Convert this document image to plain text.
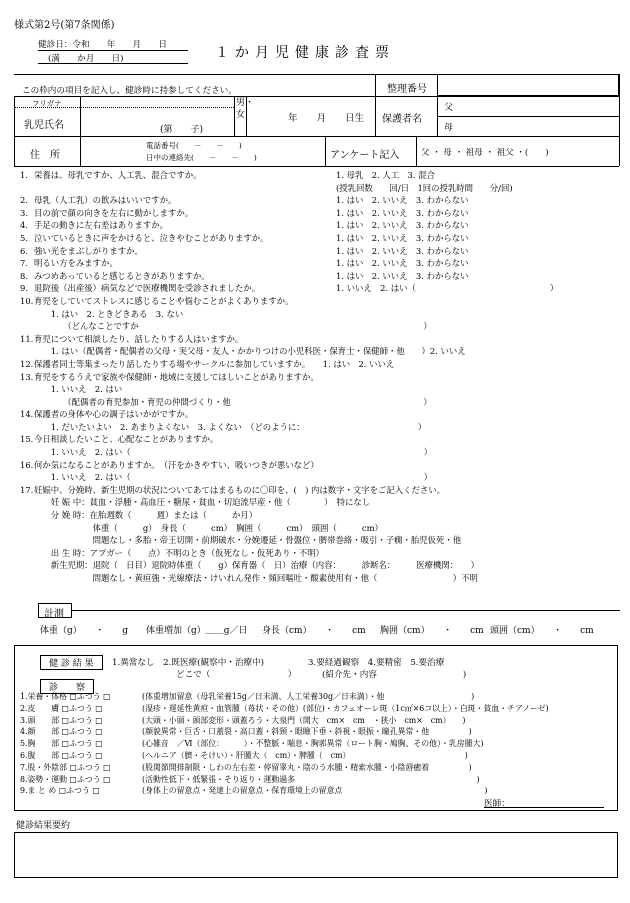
様式第2号(第7条関係)
健診日：令和　　年　　月　　日
(満　　か月　　日)	１か月児健康診査票
この枠内の項目を記入し、健診時に持参してください。	整理番号
フリガナ
乳児氏名	(第　　子)
男・女	年　　月　　日生 保護者名
父
母
住　所
電話番号(　　－　　－　　)
日中の連絡先(　　－　　－　　)	アンケート記入	父 ・ 母 ・ 祖母 ・ 祖父 ・(　　)
1. 栄養は、母乳ですか、人工乳、混合ですか。	1. 母乳　2. 人工　3. 混合
(授乳回数　　回/日　1回の授乳時間　　分/回)
2. 母乳（人工乳）の飲みはいいですか。	1. はい　2. いいえ　3. わからない
3. 目の前で顔の向きを左右に動かしますか。	1. はい　2. いいえ　3. わからない
4. 手足の動きに左右差はありますか。	1. はい　2. いいえ　3. わからない
5. 泣いているときに声をかけると、泣きやむことがありますか。	1. はい　2. いいえ　3. わからない
6. 強い光をまぶしがりますか。	1. はい　2. いいえ　3. わからない
7. 明るい方をみますか。	1. はい　2. いいえ　3. わからない
8. みつめあっていると感じるときがありますか。	1. はい　2. いいえ　3. わからない
9. 退院後（出産後）病気などで医療機関を受診されましたか。	1. いいえ　2. はい（　　　　　　　　　　　　　　　　）
10. 育児をしていてストレスに感じることや悩むことがよくありますか。
　　1. はい　2. ときどきある　3. ない
　　　　（どんなことですか　　　　　　　　　　　　　　　　　　　　　　　　　　　　　　　　　　）
11. 育児について相談したり、話したりする人はいますか。
　　1. はい（配偶者・配偶者の父母・実父母・友人・かかりつけの小児科医・保育士・保健師・他　　）2. いいえ
12. 保護者同士等集まったり話したりする場やサークルに参加していますか。　　1. はい　2. いいえ
13. 育児をするうえで家族や保健師・地域に支援してほしいことがありますか。
　　1. いいえ　2. はい
　　　　（配偶者の育児参加・育児の仲間づくり・他　　　　　　　　　　　　　　　　　　　　　　　）
14. 保護者の身体や心の調子はいかがですか。
　　1. だいたいよい　2. あまりよくない　3. よくない　（どのように：　　　　　　　　　　　　　　）
15. 今日相談したいこと、心配なことがありますか。
　　1. いいえ　2. はい（　　　　　　　　　　　　　　　　　　　　　　　　　　　　　　　　　　　）
16. 何か気になることがありますか。　（汗をかきやすい、吸いつきが悪いなど）
　　1. いいえ　2. はい（　　　　　　　　　　　　　　　　　　　　　　　　　　　　　　　　　　　）
17. 妊娠中、分娩時、新生児期の状況についてあてはまるものに〇印を、(　) 内は数字・文字をご記入ください。
　　妊 娠 中：貧血・浮腫・高血圧・糖尿・貧血・切迫流早産・他（　　　　）　特になし
　　分 娩 時：在胎週数（　　　週）または（　　　か月）
　　　　　　　体重（　　　g）　身長（　　　cm）　胸囲（　　　cm）　頭囲（　　　cm）
　　　　　　　問題なし・多胎・帝王切開・前期破水・分娩遷延・骨盤位・臍帯巻絡・吸引・子癇・胎児仮死・他
　　出 生 時：アプガー（　　点）不明のとき（仮死なし・仮死あり・不明）
　　新生児期：退院（　日目）退院時体重（　　g）保育器（　日）治療（内容：　　　診断名：　　　医療機関：　　）
　　　　　　　問題なし・黄疸強・光線療法・けいれん発作・頻回嘔吐・酸素使用有・他（　　　　　　　　　）不明
計測
体重（g）　　・　　g 体重増加（g）＿＿g／日 身長（cm）　　・　　cm 胸囲（cm）　　・　　cm 頭囲（cm）　　・　　cm
健 診 結 果	1.異常なし　2.既医療(観察中・治療中)	3.要経過観察　4.要精密　5.要治療
どこで（　　　　　　　　　）	(紹介先・内容　　　　　　　　　　)
診　　察
1.栄養・体格 □ふつう □	(体重増加留意（母乳栄養15g／日未満、人工栄養30g／日未満）・他　　　　　　　　　　　)
2.皮　　膚 □ふつう □	(湿疹・遅延性黄疸・血管腫（苺状・その他）(部位)・カフェオーレ斑（1c㎡×6コ以上）・白斑・貧血・チアノーゼ)
3.頭　　部 □ふつう □	(大頭・小頭・頭部変形・頭蓋ろう・大泉門（開大　cm×　cm　・狭小　cm×　cm）　　)
4.顔　　部 □ふつう □	(顔貌異常・巨舌・口蓋裂・高口蓋・斜頸・眼瞼下垂・斜視・眼振・瞳孔異常・他　　　　　)
5.胸　　部 □ふつう □	(心雑音　／Ⅵ（部位：　　　）・不整脈・喘息・胸郭異常（ロート胸・鳩胸、その他）・乳房腫大)
6.腹　　部 □ふつう □	(ヘルニア（臍・そけい）・肝腫大（　cm）・脾腫（　cm）　　　　　　　　　　　　　　　)
7.股・外陰部 □ふつう □	(股関節開排制限・しわの左右差・停留睾丸・陰のう水腫・精索水腫・小陰唇癒着　　　　　)
8.姿勢・運動 □ふつう □	(活動性低下・低緊張・そり返り・運動過多　　　　　　　　　　　　　　　　　　　　　　　)
9.ま と め □ふつう □	(身体上の留意点・発達上の留意点・保育環境上の留意点　　　　　　　　　　　　　　　　　　)
医師：
健診結果要約
